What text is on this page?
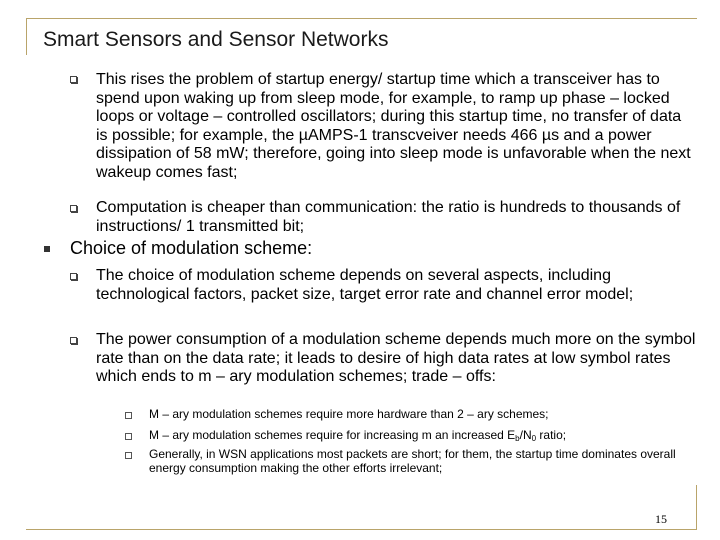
Smart Sensors and Sensor Networks
This rises the problem of startup energy/ startup time which a transceiver has to spend upon waking up from sleep mode, for example, to ramp up phase – locked loops or voltage – controlled oscillators; during this startup time, no transfer of data is possible; for example, the µAMPS-1 transcveiver needs 466 µs and a power dissipation of 58 mW; therefore, going into sleep mode is unfavorable when the next wakeup comes fast;
Computation is cheaper than communication: the ratio is hundreds to thousands of instructions/ 1 transmitted bit;
Choice of modulation scheme:
The choice of modulation scheme depends on several aspects, including technological factors, packet size, target error rate and channel error model;
The power consumption of a modulation scheme depends much more on the symbol rate than on the data rate; it leads to desire of high data rates at low symbol rates which ends to m – ary modulation schemes; trade – offs:
M – ary modulation schemes require more hardware than 2 – ary schemes;
M – ary modulation schemes require for increasing m an increased $E_b/N_0$ ratio;
Generally, in WSN applications most packets are short; for them, the startup time dominates overall energy consumption making the other efforts irrelevant;
15
